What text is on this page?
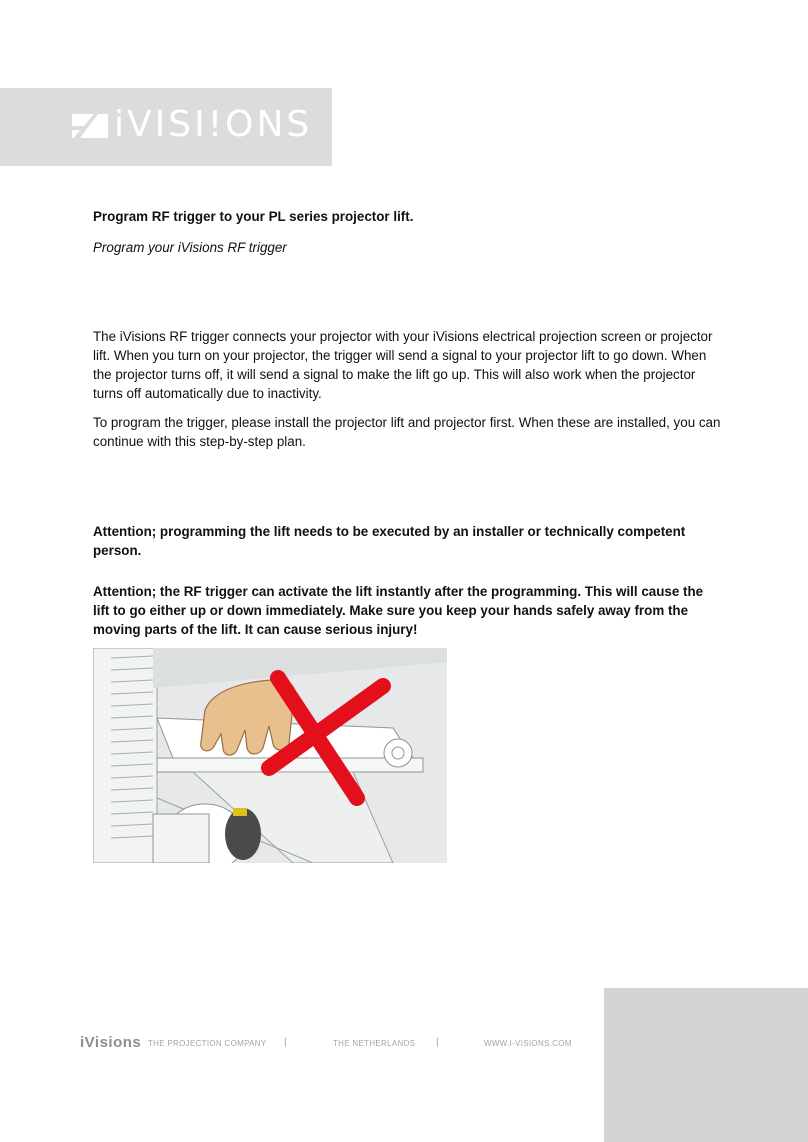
iVISI!ONS

Program RF trigger to your PL series projector lift.

Program your iVisions RF trigger

The iVisions RF trigger connects your projector with your iVisions electrical projection screen or projector lift. When you turn on your projector, the trigger will send a signal to your projector lift to go down. When the projector turns off, it will send a signal to make the lift go up. This will also work when the projector turns off automatically due to inactivity.

To program the trigger, please install the projector lift and projector first. When these are installed, you can continue with this step-by-step plan.

Attention; programming the lift needs to be executed by an installer or technically competent person.

Attention; the RF trigger can activate the lift instantly after the programming. This will cause the lift to go either up or down immediately. Make sure you keep your hands safely away from the moving parts of the lift. It can cause serious injury!

iVisions THE PROJECTION COMPANY |	THE NETHERLANDS |	WWW.I-VISIONS.COM
